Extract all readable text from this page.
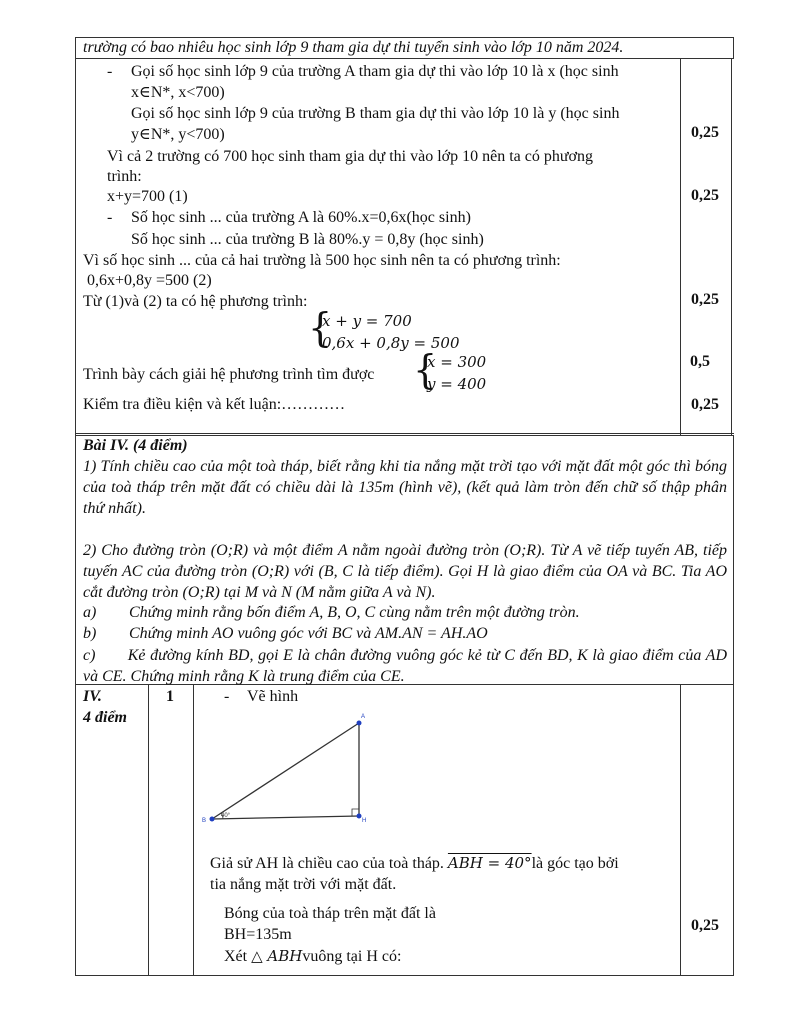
trường có bao nhiêu học sinh lớp 9 tham gia dự thi tuyển sinh vào lớp 10 năm 2024.
- Gọi số học sinh lớp 9 của trường A tham gia dự thi vào lớp 10 là x (học sinh
x∈N*, x<700)
Gọi số học sinh lớp 9 của trường B tham gia dự thi vào lớp 10 là y (học sinh
y∈N*, y<700)
Vì cả 2 trường có 700 học sinh tham gia dự thi vào lớp 10 nên ta có phương
trình:
x+y=700 (1)
- Số học sinh ... của trường A là 60%.x=0,6x(học sinh)
Số học sinh ... của trường B là 80%.y = 0,8y (học sinh)
Vì số học sinh ... của cả hai trường là 500 học sinh nên ta có phương trình:
0,6x+0,8y =500 (2)
Từ (1)và (2) ta có hệ phương trình:
{
x + y = 700
0,6x + 0,8y = 500
Trình bày cách giải hệ phương trình tìm được {
x = 300
y = 400
Kiểm tra điều kiện và kết luận:…………
0,25
0,25
0,25
0,5
0,25
Bài IV. (4 điểm)
1) Tính chiều cao của một toà tháp, biết rằng khi tia nắng mặt trời tạo với mặt đất một góc thì bóng của toà tháp trên mặt đất có chiều dài là 135m (hình vẽ), (kết quả làm tròn đến chữ số thập phân thứ nhất).
2) Cho đường tròn (O;R) và một điểm A nằm ngoài đường tròn (O;R). Từ A vẽ tiếp tuyến AB, tiếp tuyến AC của đường tròn (O;R) với (B, C là tiếp điểm). Gọi H là giao điểm của OA và BC. Tia AO cắt đường tròn (O;R) tại M và N (M nằm giữa A và N).
a) Chứng minh rằng bốn điểm A, B, O, C cùng nằm trên một đường tròn.
b) Chứng minh AO vuông góc với BC và AM.AN = AH.AO
c) Kẻ đường kính BD, gọi E là chân đường vuông góc kẻ từ C đến BD, K là giao điểm của AD và CE. Chứng minh rằng K là trung điểm của CE.
IV.
4 điểm
1	- Vẽ hình
A
B	H
40°
Giả sử AH là chiều cao của toà tháp. ABH = 40°là góc tạo bởi
tia nắng mặt trời với mặt đất.
Bóng của toà tháp trên mặt đất là
BH=135m
Xét △ ABHvuông tại H có:
0,25
